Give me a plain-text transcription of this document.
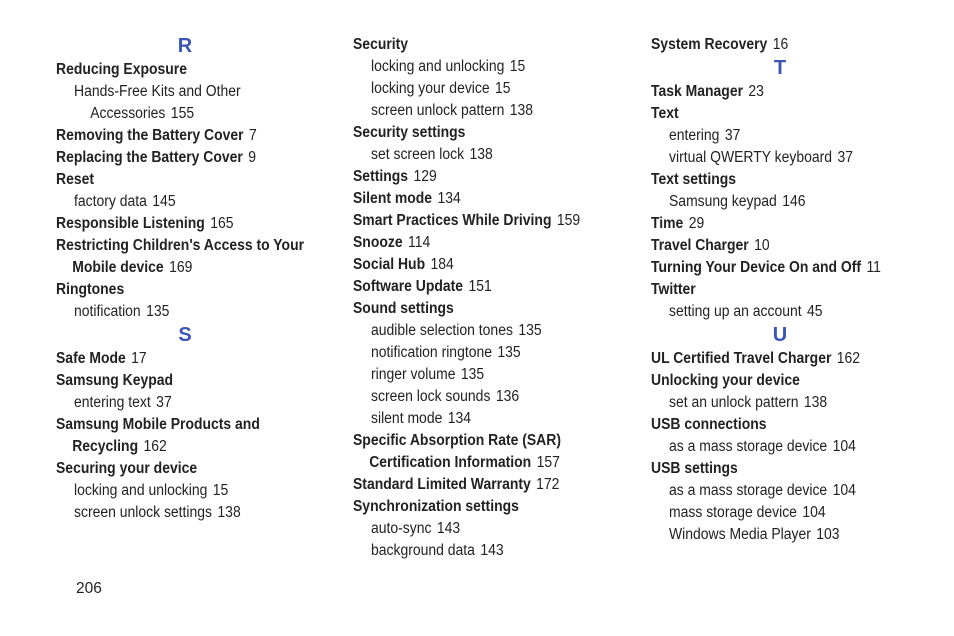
R
Reducing Exposure
Hands-Free Kits and Other
Accessories 155
Removing the Battery Cover 7
Replacing the Battery Cover 9
Reset
factory data 145
Responsible Listening 165
Restricting Children's Access to Your
Mobile device 169
Ringtones
notification 135
S
Safe Mode 17
Samsung Keypad
entering text 37
Samsung Mobile Products and
Recycling 162
Securing your device
locking and unlocking 15
screen unlock settings 138
Security
locking and unlocking 15
locking your device 15
screen unlock pattern 138
Security settings
set screen lock 138
Settings 129
Silent mode 134
Smart Practices While Driving 159
Snooze 114
Social Hub 184
Software Update 151
Sound settings
audible selection tones 135
notification ringtone 135
ringer volume 135
screen lock sounds 136
silent mode 134
Specific Absorption Rate (SAR)
Certification Information 157
Standard Limited Warranty 172
Synchronization settings
auto-sync 143
background data 143
System Recovery 16
T
Task Manager 23
Text
entering 37
virtual QWERTY keyboard 37
Text settings
Samsung keypad 146
Time 29
Travel Charger 10
Turning Your Device On and Off 11
Twitter
setting up an account 45
U
UL Certified Travel Charger 162
Unlocking your device
set an unlock pattern 138
USB connections
as a mass storage device 104
USB settings
as a mass storage device 104
mass storage device 104
Windows Media Player 103
206
